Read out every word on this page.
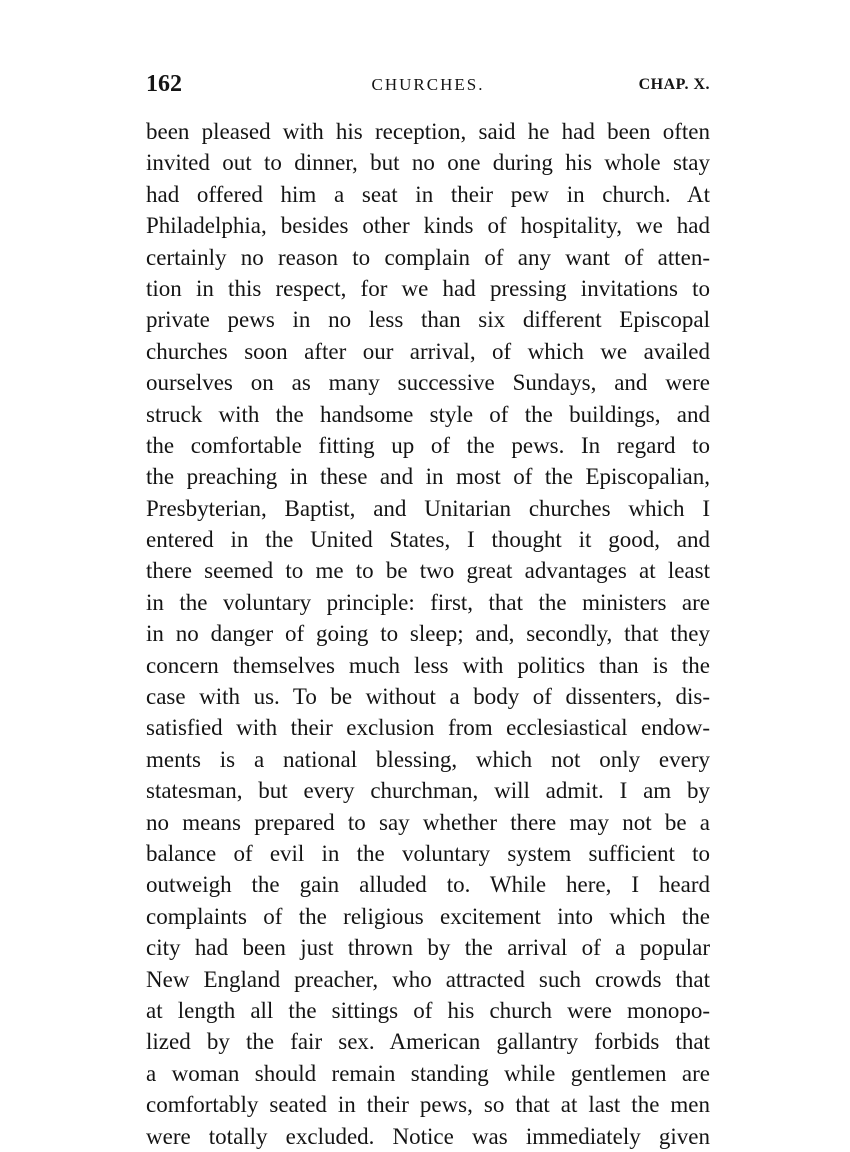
162	CHURCHES.	CHAP. X.
been pleased with his reception, said he had been often
invited out to dinner, but no one during his whole stay
had offered him a seat in their pew in church. At
Philadelphia, besides other kinds of hospitality, we had
certainly no reason to complain of any want of atten-
tion in this respect, for we had pressing invitations to
private pews in no less than six different Episcopal
churches soon after our arrival, of which we availed
ourselves on as many successive Sundays, and were
struck with the handsome style of the buildings, and
the comfortable fitting up of the pews. In regard to
the preaching in these and in most of the Episcopalian,
Presbyterian, Baptist, and Unitarian churches which I
entered in the United States, I thought it good, and
there seemed to me to be two great advantages at least
in the voluntary principle: first, that the ministers are
in no danger of going to sleep; and, secondly, that they
concern themselves much less with politics than is the
case with us. To be without a body of dissenters, dis-
satisfied with their exclusion from ecclesiastical endow-
ments is a national blessing, which not only every
statesman, but every churchman, will admit. I am by
no means prepared to say whether there may not be a
balance of evil in the voluntary system sufficient to
outweigh the gain alluded to. While here, I heard
complaints of the religious excitement into which the
city had been just thrown by the arrival of a popular
New England preacher, who attracted such crowds that
at length all the sittings of his church were monopo-
lized by the fair sex. American gallantry forbids that
a woman should remain standing while gentlemen are
comfortably seated in their pews, so that at last the men
were totally excluded. Notice was immediately given
